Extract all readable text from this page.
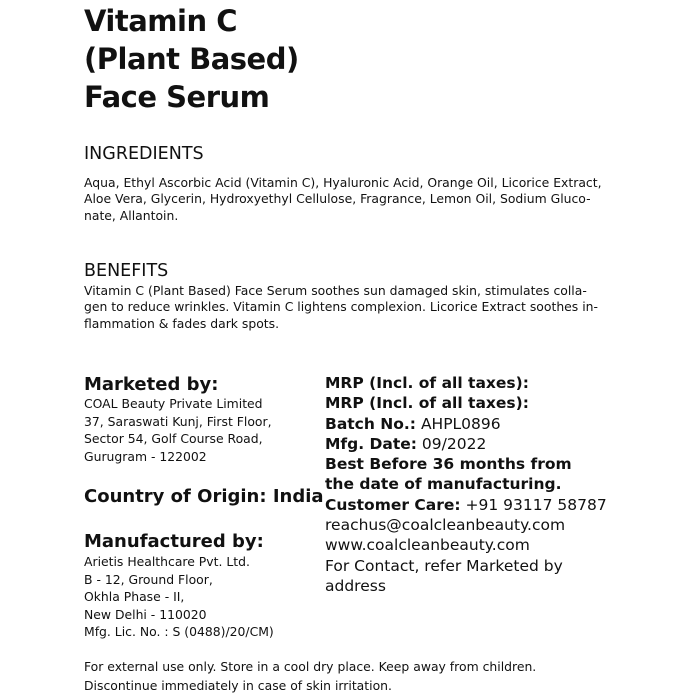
Vitamin C
(Plant Based)
Face Serum
INGREDIENTS
Aqua, Ethyl Ascorbic Acid (Vitamin C), Hyaluronic Acid, Orange Oil, Licorice Extract,
Aloe Vera, Glycerin, Hydroxyethyl Cellulose, Fragrance, Lemon Oil, Sodium Gluco-
nate, Allantoin.
BENEFITS
Vitamin C (Plant Based) Face Serum soothes sun damaged skin, stimulates colla-
gen to reduce wrinkles. Vitamin C lightens complexion. Licorice Extract soothes in-
flammation & fades dark spots.
Marketed by:
COAL Beauty Private Limited
37, Saraswati Kunj, First Floor,
Sector 54, Golf Course Road,
Gurugram - 122002
Country of Origin: India
Manufactured by:
Arietis Healthcare Pvt. Ltd.
B - 12, Ground Floor,
Okhla Phase - II,
New Delhi - 110020
Mfg. Lic. No. : S (0488)/20/CM)
MRP (Incl. of all taxes):
MRP (Incl. of all taxes):
Batch No.: AHPL0896
Mfg. Date: 09/2022
Best Before 36 months from
the date of manufacturing.
Customer Care: +91 93117 58787
reachus@coalcleanbeauty.com
www.coalcleanbeauty.com
For Contact, refer Marketed by
address
For external use only. Store in a cool dry place. Keep away from children.
Discontinue immediately in case of skin irritation.
